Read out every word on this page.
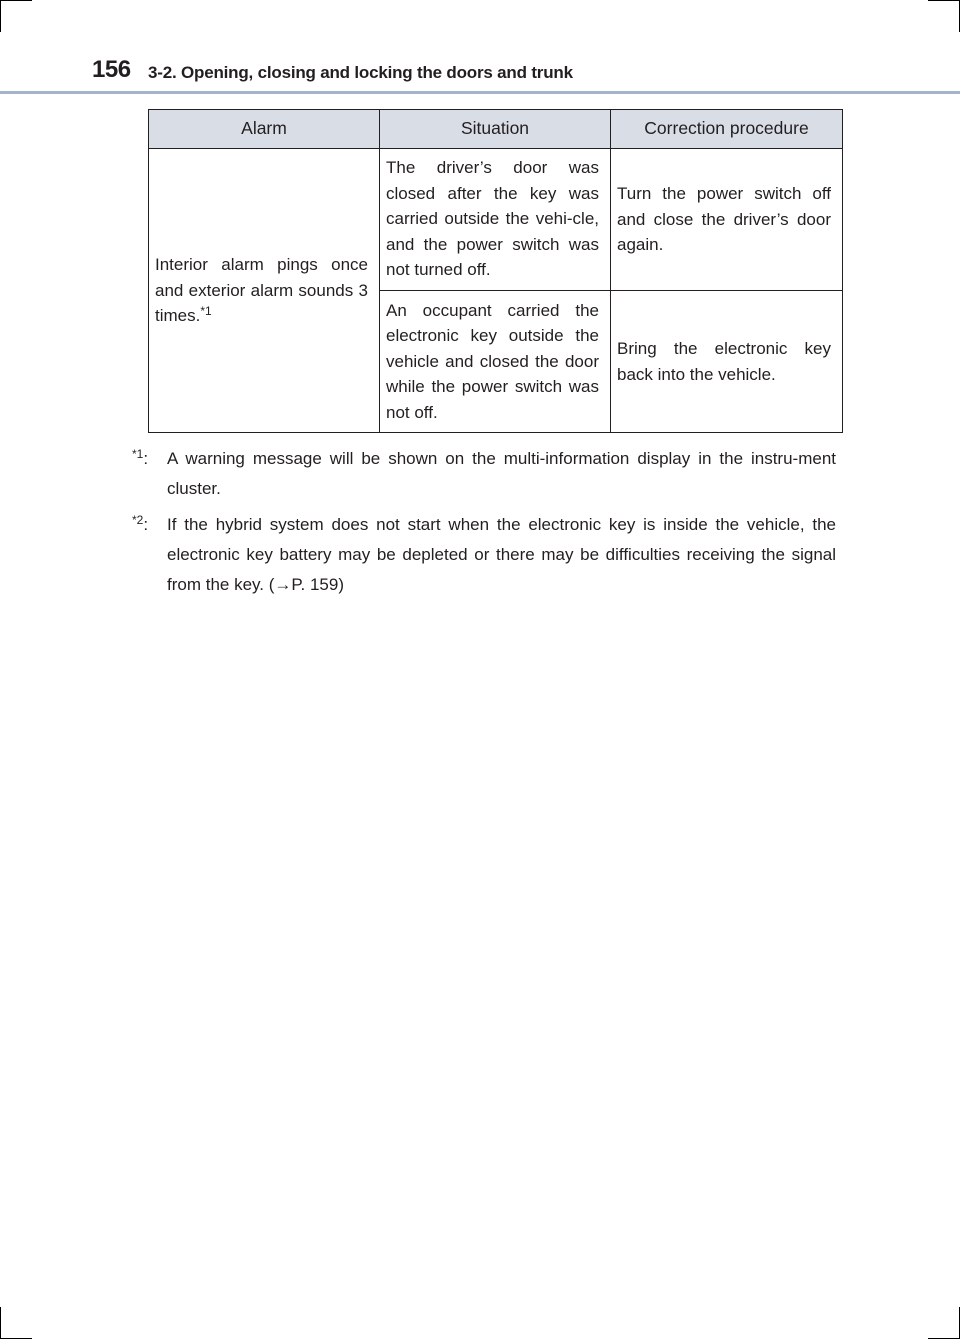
156 3-2. Opening, closing and locking the doors and trunk
Alarm	Situation	Correction procedure
Interior alarm pings once and exterior alarm sounds 3 times.$^{*1}$	The driver’s door was closed after the key was carried outside the vehi-cle, and the power switch was not turned off.	Turn the power switch off and close the driver’s door again.
	An occupant carried the electronic key outside the vehicle and closed the door while the power switch was not off.	Bring the electronic key back into the vehicle.
$^{*1}$: A warning message will be shown on the multi-information display in the instru-ment cluster.
$^{*2}$: If the hybrid system does not start when the electronic key is inside the vehicle, the electronic key battery may be depleted or there may be difficulties receiving the signal from the key. (→P. 159)
